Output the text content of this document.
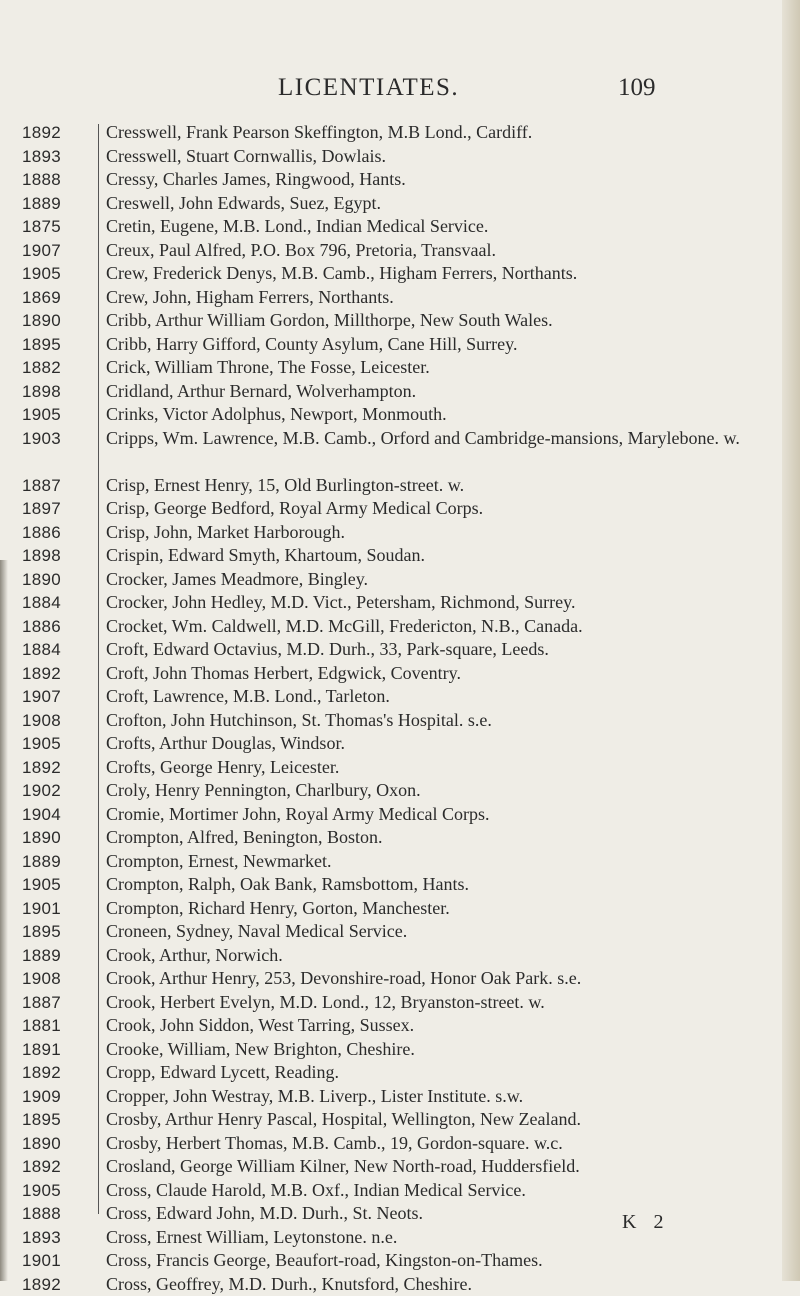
LICENTIATES.	109
1892 Cresswell, Frank Pearson Skeffington, M.B Lond., Cardiff.
1893 Cresswell, Stuart Cornwallis, Dowlais.
1888 Cressy, Charles James, Ringwood, Hants.
1889 Creswell, John Edwards, Suez, Egypt.
1875 Cretin, Eugene, M.B. Lond., Indian Medical Service.
1907 Creux, Paul Alfred, P.O. Box 796, Pretoria, Transvaal.
1905 Crew, Frederick Denys, M.B. Camb., Higham Ferrers, Northants.
1869 Crew, John, Higham Ferrers, Northants.
1890 Cribb, Arthur William Gordon, Millthorpe, New South Wales.
1895 Cribb, Harry Gifford, County Asylum, Cane Hill, Surrey.
1882 Crick, William Throne, The Fosse, Leicester.
1898 Cridland, Arthur Bernard, Wolverhampton.
1905 Crinks, Victor Adolphus, Newport, Monmouth.
1903 Cripps, Wm. Lawrence, M.B. Camb., Orford and Cambridge-mansions, Marylebone. w.
1887 Crisp, Ernest Henry, 15, Old Burlington-street. w.
1897 Crisp, George Bedford, Royal Army Medical Corps.
1886 Crisp, John, Market Harborough.
1898 Crispin, Edward Smyth, Khartoum, Soudan.
1890 Crocker, James Meadmore, Bingley.
1884 Crocker, John Hedley, M.D. Vict., Petersham, Richmond, Surrey.
1886 Crocket, Wm. Caldwell, M.D. McGill, Fredericton, N.B., Canada.
1884 Croft, Edward Octavius, M.D. Durh., 33, Park-square, Leeds.
1892 Croft, John Thomas Herbert, Edgwick, Coventry.
1907 Croft, Lawrence, M.B. Lond., Tarleton.
1908 Crofton, John Hutchinson, St. Thomas's Hospital. s.e.
1905 Crofts, Arthur Douglas, Windsor.
1892 Crofts, George Henry, Leicester.
1902 Croly, Henry Pennington, Charlbury, Oxon.
1904 Cromie, Mortimer John, Royal Army Medical Corps.
1890 Crompton, Alfred, Benington, Boston.
1889 Crompton, Ernest, Newmarket.
1905 Crompton, Ralph, Oak Bank, Ramsbottom, Hants.
1901 Crompton, Richard Henry, Gorton, Manchester.
1895 Croneen, Sydney, Naval Medical Service.
1889 Crook, Arthur, Norwich.
1908 Crook, Arthur Henry, 253, Devonshire-road, Honor Oak Park. s.e.
1887 Crook, Herbert Evelyn, M.D. Lond., 12, Bryanston-street. w.
1881 Crook, John Siddon, West Tarring, Sussex.
1891 Crooke, William, New Brighton, Cheshire.
1892 Cropp, Edward Lycett, Reading.
1909 Cropper, John Westray, M.B. Liverp., Lister Institute. s.w.
1895 Crosby, Arthur Henry Pascal, Hospital, Wellington, New Zealand.
1890 Crosby, Herbert Thomas, M.B. Camb., 19, Gordon-square. w.c.
1892 Crosland, George William Kilner, New North-road, Huddersfield.
1905 Cross, Claude Harold, M.B. Oxf., Indian Medical Service.
1888 Cross, Edward John, M.D. Durh., St. Neots.
1893 Cross, Ernest William, Leytonstone. n.e.
1901 Cross, Francis George, Beaufort-road, Kingston-on-Thames.
1892 Cross, Geoffrey, M.D. Durh., Knutsford, Cheshire.
K 2
